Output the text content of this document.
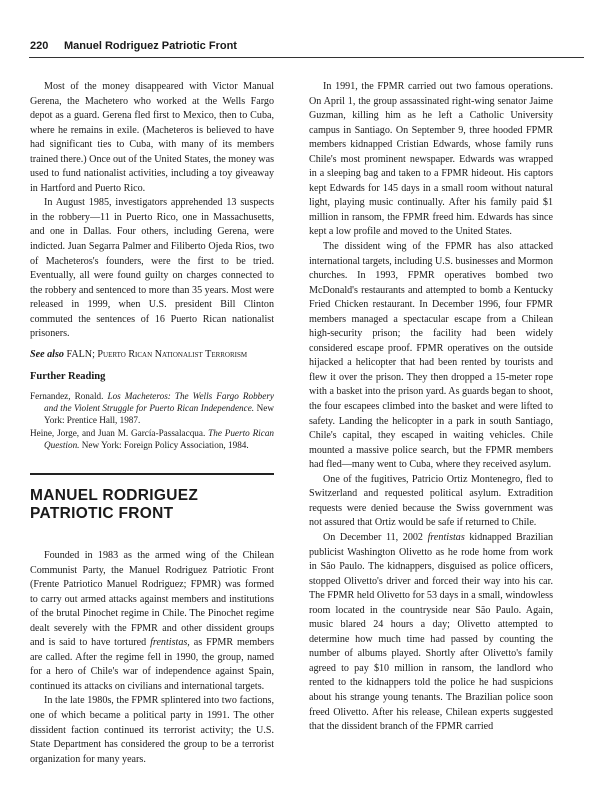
220 Manuel Rodriguez Patriotic Front

Most of the money disappeared with Victor Manual Gerena, the Machetero who worked at the Wells Fargo depot as a guard. Gerena fled first to Mexico, then to Cuba, where he remains in exile. (Macheteros is believed to have had significant ties to Cuba, with many of its members trained there.) Once out of the United States, the money was used to fund nationalist activities, including a toy giveaway in Hartford and Puerto Rico.

In August 1985, investigators apprehended 13 suspects in the robbery—11 in Puerto Rico, one in Massachusetts, and one in Dallas. Four others, including Gerena, were indicted. Juan Segarra Palmer and Filiberto Ojeda Rios, two of Macheteros's founders, were the first to be tried. Eventually, all were found guilty on charges connected to the robbery and sentenced to more than 35 years. Most were released in 1999, when U.S. president Bill Clinton commuted the sentences of 16 Puerto Rican nationalist prisoners.

See also FALN; Puerto Rican Nationalist Terrorism

Further Reading
Fernandez, Ronald. Los Macheteros: The Wells Fargo Robbery and the Violent Struggle for Puerto Rican Independence. New York: Prentice Hall, 1987.
Heine, Jorge, and Juan M. García-Passalacqua. The Puerto Rican Question. New York: Foreign Policy Association, 1984.
MANUEL RODRIGUEZ
PATRIOTIC FRONT

Founded in 1983 as the armed wing of the Chilean Communist Party, the Manuel Rodriguez Patriotic Front (Frente Patriotico Manuel Rodriguez; FPMR) was formed to carry out armed attacks against members and institutions of the brutal Pinochet regime in Chile. The Pinochet regime dealt severely with the FPMR and other dissident groups and is said to have tortured frentistas, as FPMR members are called. After the regime fell in 1990, the group, named for a hero of Chile's war of independence against Spain, continued its attacks on civilians and international targets.

In the late 1980s, the FPMR splintered into two factions, one of which became a political party in 1991. The other dissident faction continued its terrorist activity; the U.S. State Department has considered the group to be a terrorist organization for many years.

In 1991, the FPMR carried out two famous operations. On April 1, the group assassinated right-wing senator Jaime Guzman, killing him as he left a Catholic University campus in Santiago. On September 9, three hooded FPMR members kidnapped Cristian Edwards, whose family runs Chile's most prominent newspaper. Edwards was wrapped in a sleeping bag and taken to a FPMR hideout. His captors kept Edwards for 145 days in a small room without natural light, playing music continually. After his family paid $1 million in ransom, the FPMR freed him. Edwards has since kept a low profile and moved to the United States.

The dissident wing of the FPMR has also attacked international targets, including U.S. businesses and Mormon churches. In 1993, FPMR operatives bombed two McDonald's restaurants and attempted to bomb a Kentucky Fried Chicken restaurant. In December 1996, four FPMR members managed a spectacular escape from a Chilean high-security prison; the facility had been widely considered escape proof. FPMR operatives on the outside hijacked a helicopter that had been rented by tourists and flew it over the prison. They then dropped a 15-meter rope with a basket into the prison yard. As guards began to shoot, the four escapees climbed into the basket and were lifted to safety. Landing the helicopter in a park in south Santiago, Chile's capital, they escaped in waiting vehicles. Chile mounted a massive police search, but the FPMR members had fled—many went to Cuba, where they received asylum.

One of the fugitives, Patricio Ortiz Montenegro, fled to Switzerland and requested political asylum. Extradition requests were denied because the Swiss government was not assured that Ortiz would be safe if returned to Chile.

On December 11, 2002 frentistas kidnapped Brazilian publicist Washington Olivetto as he rode home from work in São Paulo. The kidnappers, disguised as police officers, stopped Olivetto's driver and forced their way into his car. The FPMR held Olivetto for 53 days in a small, windowless room located in the countryside near São Paulo. Again, music blared 24 hours a day; Olivetto attempted to determine how much time had passed by counting the number of albums played. Shortly after Olivetto's family agreed to pay $10 million in ransom, the landlord who rented to the kidnappers told the police he had suspicions about his strange young tenants. The Brazilian police soon freed Olivetto. After his release, Chilean experts suggested that the dissident branch of the FPMR carried
